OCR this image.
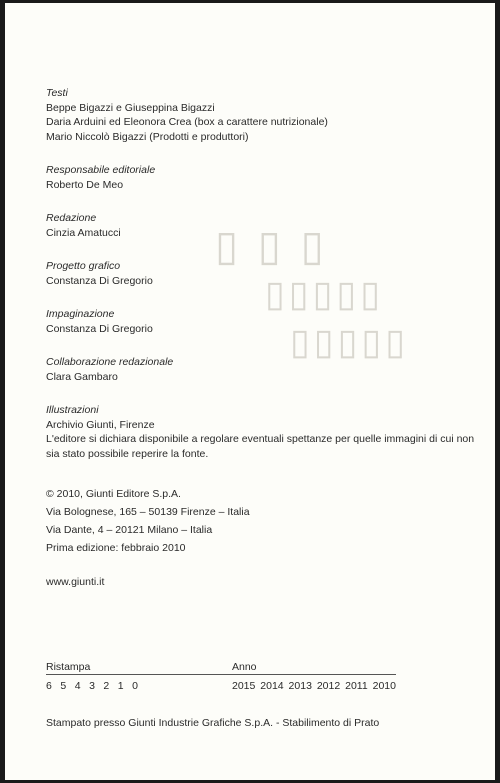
▯ ▯ ▯
▯▯▯▯▯
▯▯▯▯▯
Testi
Beppe Bigazzi e Giuseppina Bigazzi
Daria Arduini ed Eleonora Crea (box a carattere nutrizionale)
Mario Niccolò Bigazzi (Prodotti e produttori)
Responsabile editoriale
Roberto De Meo
Redazione
Cinzia Amatucci
Progetto grafico
Constanza Di Gregorio
Impaginazione
Constanza Di Gregorio
Collaborazione redazionale
Clara Gambaro
Illustrazioni
Archivio Giunti, Firenze
L'editore si dichiara disponibile a regolare eventuali spettanze per quelle immagini di cui non sia stato possibile reperire la fonte.
© 2010, Giunti Editore S.p.A.
Via Bolognese, 165 – 50139 Firenze – Italia
Via Dante, 4 – 20121 Milano – Italia
Prima edizione: febbraio 2010
www.giunti.it
Ristampa	Anno
6 5 4 3 2 1 0	2015 2014 2013 2012 2011 2010
Stampato presso Giunti Industrie Grafiche S.p.A. - Stabilimento di Prato
